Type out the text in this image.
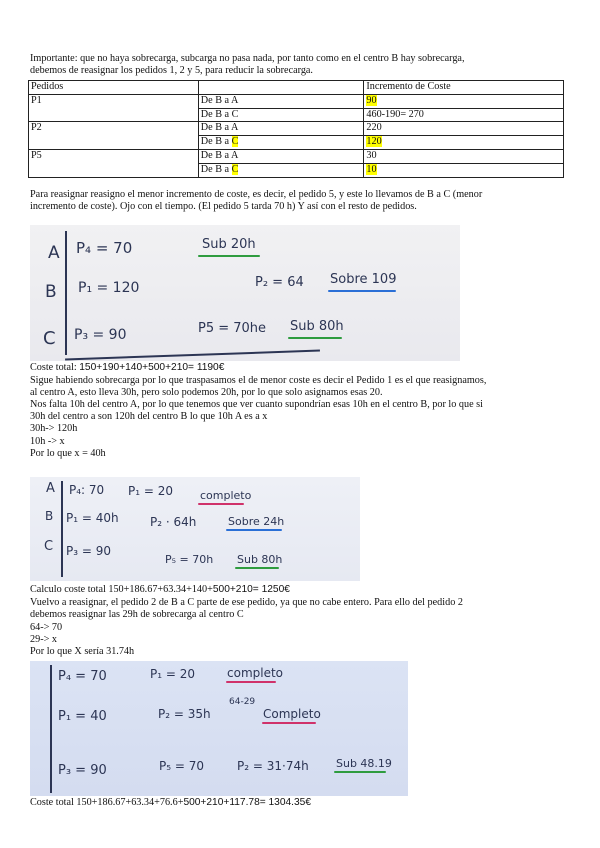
Importante: que no haya sobrecarga, subcarga no pasa nada, por tanto como en el centro B hay sobrecarga,
debemos de reasignar los pedidos 1, 2 y 5, para reducir la sobrecarga.
Pedidos		Incremento de Coste
P1	De B a A	90
	De B a C	460-190= 270
P2	De B a A	220
	De B a C	120
P5	De B a A	30
	De B a C	10
Para reasignar reasigno el menor incremento de coste, es decir, el pedido 5, y este lo llevamos de B a C (menor
incremento de coste). Ojo con el tiempo. (El pedido 5 tarda 70 h) Y así con el resto de pedidos.
A P₄ = 70	Sub 20h
B P₁ = 120	P₂ = 64 Sobre 109
C P₃ = 90	P5 = 70he Sub 80h
Coste total: 150+190+140+500+210= 1190€
Sigue habiendo sobrecarga por lo que traspasamos el de menor coste es decir el Pedido 1 es el que reasignamos,
al centro A, esto lleva 30h, pero solo podemos 20h, por lo que solo asignamos esas 20.
Nos falta 10h del centro A, por lo que tenemos que ver cuanto supondrían esas 10h en el centro B, por lo que si
30h del centro a son 120h del centro B lo que 10h A es a x
30h-> 120h
10h -> x
Por lo que x = 40h
A P₄: 70 P₁ = 20 completo
B P₁ = 40h	P₂ · 64h	Sobre 24h
C P₃ = 90
P₅ = 70h Sub 80h
Calculo coste total 150+186.67+63.34+140+500+210= 1250€
Vuelvo a reasignar, el pedido 2 de B a C parte de ese pedido, ya que no cabe entero. Para ello del pedido 2
debemos reasignar las 29h de sobrecarga al centro C
64-> 70
29-> x
Por lo que X sería 31.74h
P₄ = 70	P₁ = 20	completo
64-29
P₁ = 40	P₂ = 35h	Completo
P₃ = 90	P₅ = 70	P₂ = 31·74h Sub 48.19
Coste total 150+186.67+63.34+76.6+500+210+117.78= 1304.35€
